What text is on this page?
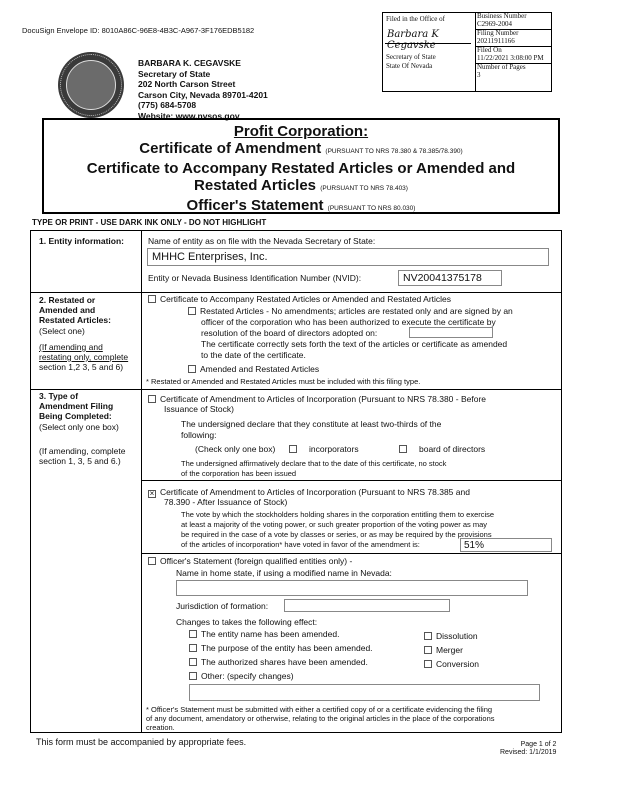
DocuSign Envelope ID: 8010A86C-96E8-4B3C-A967-3F176EDB5182
BARBARA K. CEGAVSKE
Secretary of State
202 North Carson Street
Carson City, Nevada 89701-4201
(775) 684-5708
Website: www.nvsos.gov
Filed in the Office of
Barbara K Cegavske
Secretary of State
State Of Nevada
Business Number
C2969-2004
Filing Number
20211911166
Filed On
11/22/2021 3:08:00 PM
Number of Pages
3
Profit Corporation:
Certificate of Amendment (PURSUANT TO NRS 78.380 & 78.385/78.390)
Certificate to Accompany Restated Articles or Amended and
Restated Articles (PURSUANT TO NRS 78.403)
Officer's Statement (PURSUANT TO NRS 80.030)
TYPE OR PRINT - USE DARK INK ONLY - DO NOT HIGHLIGHT
1. Entity information:	Name of entity as on file with the Nevada Secretary of State:
MHHC Enterprises, Inc.
Entity or Nevada Business Identification Number (NVID):	NV20041375178
2. Restated or
Amended and
Restated Articles:
(Select one)
(If amending and
restating only, complete
section 1,2 3, 5 and 6)
Certificate to Accompany Restated Articles or Amended and Restated Articles
Restated Articles - No amendments; articles are restated only and are signed by an
officer of the corporation who has been authorized to execute the certificate by
resolution of the board of directors adopted on:
The certificate correctly sets forth the text of the articles or certificate as amended
to the date of the certificate.
Amended and Restated Articles
* Restated or Amended and Restated Articles must be included with this filing type.
3. Type of
Amendment Filing
Being Completed:
(Select only one box)
(If amending, complete
section 1, 3, 5 and 6.)
Certificate of Amendment to Articles of Incorporation (Pursuant to NRS 78.380 - Before
Issuance of Stock)
The undersigned declare that they constitute at least two-thirds of the
following:
(Check only one box)	incorporators	board of directors
The undersigned affirmatively declare that to the date of this certificate, no stock
of the corporation has been issued
× Certificate of Amendment to Articles of Incorporation (Pursuant to NRS 78.385 and
78.390 - After Issuance of Stock)
The vote by which the stockholders holding shares in the corporation entitling them to exercise
at least a majority of the voting power, or such greater proportion of the voting power as may
be required in the case of a vote by classes or series, or as may be required by the provisions
of the articles of incorporation* have voted in favor of the amendment is:	51%
Officer's Statement (foreign qualified entities only) -
Name in home state, if using a modified name in Nevada:
Jurisdiction of formation:
Changes to takes the following effect:
The entity name has been amended.
The purpose of the entity has been amended.
The authorized shares have been amended.
Other: (specify changes)
Dissolution
Merger
Conversion
* Officer's Statement must be submitted with either a certified copy of or a certificate evidencing the filing
of any document, amendatory or otherwise, relating to the original articles in the place of the corporations
creation.
This form must be accompanied by appropriate fees.	Page 1 of 2
Revised: 1/1/2019
